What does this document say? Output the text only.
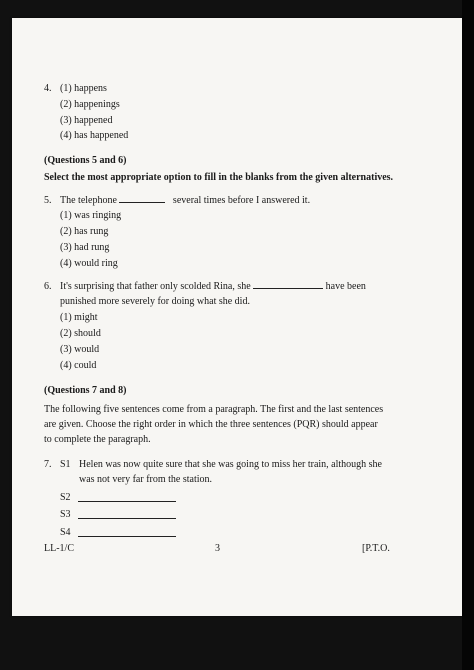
4. (1) happens
(2) happenings
(3) happened
(4) has happened
(Questions 5 and 6)
Select the most appropriate option to fill in the blanks from the given alternatives.
5. The telephone	several times before I answered it.
(1) was ringing
(2) has rung
(3) had rung
(4) would ring
6. It's surprising that father only scolded Rina, she	have been
punished more severely for doing what she did.
(1) might
(2) should
(3) would
(4) could
(Questions 7 and 8)
The following five sentences come from a paragraph. The first and the last sentences
are given. Choose the right order in which the three sentences (PQR) should appear
to complete the paragraph.
7. S1 Helen was now quite sure that she was going to miss her train, although she
was not very far from the station.
S2
S3
S4
LL-1/C	3	[P.T.O.
